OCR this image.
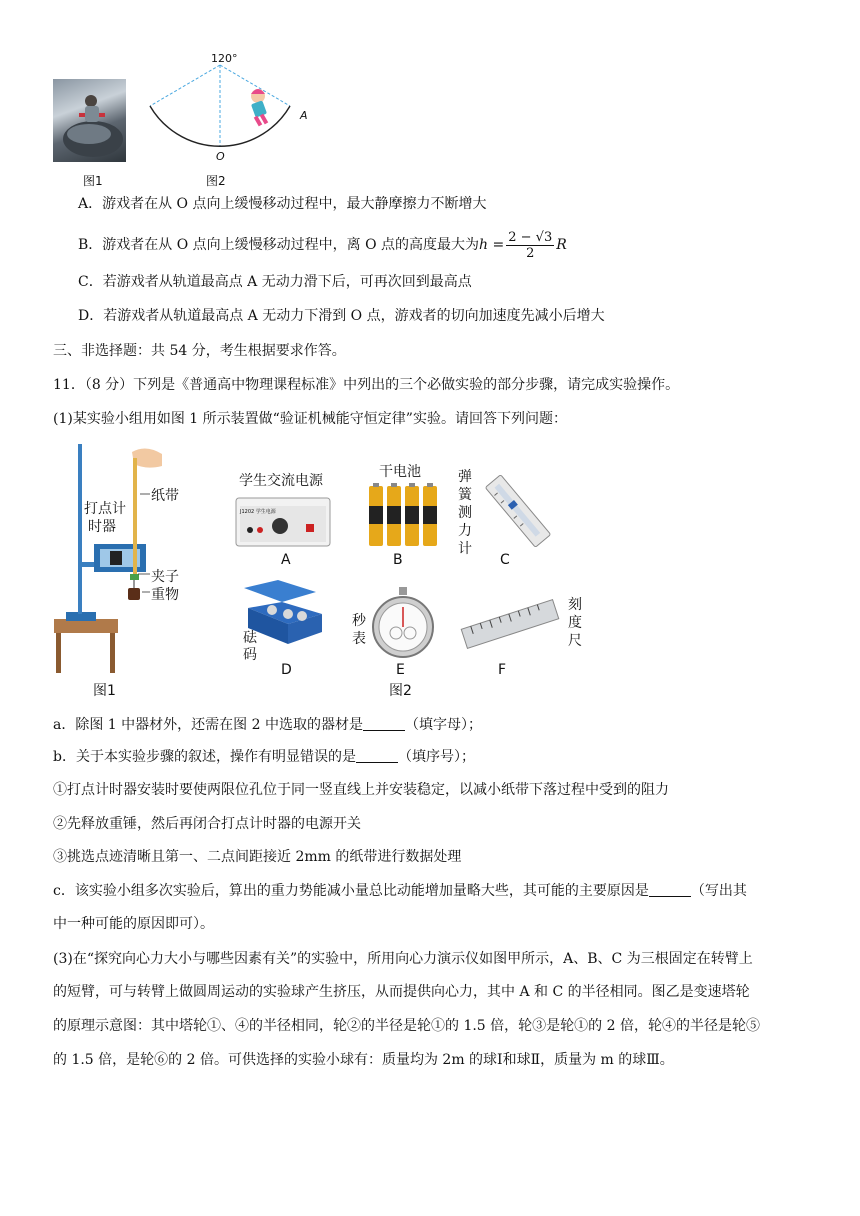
图1
120°
A
O
图2
A．游戏者在从 O 点向上缓慢移动过程中，最大静摩擦力不断增大
B．游戏者在从 O 点向上缓慢移动过程中，离 O 点的高度最大为$h = \frac{2 - √3}{2}$ R
C．若游戏者从轨道最高点 A 无动力滑下后，可再次回到最高点
D．若游戏者从轨道最高点 A 无动力下滑到 O 点，游戏者的切向加速度先减小后增大
三、非选择题：共 54 分，考生根据要求作答。
11．（8 分）下列是《普通高中物理课程标准》中列出的三个必做实验的部分步骤，请完成实验操作。
(1)某实验小组用如图 1 所示装置做“验证机械能守恒定律”实验。请回答下列问题：
纸带
打点计
时器
夹子
重物
图1
学生交流电源
J1202 学生电源
A
干电池
B
弹簧测力计
C
砝码
D
秒表
E
刻度尺
F
图2
a．除图 1 中器材外，还需在图 2 中选取的器材是	（填字母）；
b．关于本实验步骤的叙述，操作有明显错误的是	（填序号）；
①打点计时器安装时要使两限位孔位于同一竖直线上并安装稳定，以减小纸带下落过程中受到的阻力
②先释放重锤，然后再闭合打点计时器的电源开关
③挑选点迹清晰且第一、二点间距接近 2mm 的纸带进行数据处理
c．该实验小组多次实验后，算出的重力势能减小量总比动能增加量略大些，其可能的主要原因是	（写出其
中一种可能的原因即可）。
(3)在“探究向心力大小与哪些因素有关”的实验中，所用向心力演示仪如图甲所示，A、B、C 为三根固定在转臂上
的短臂，可与转臂上做圆周运动的实验球产生挤压，从而提供向心力，其中 A 和 C 的半径相同。图乙是变速塔轮
的原理示意图：其中塔轮①、④的半径相同，轮②的半径是轮①的 1.5 倍，轮③是轮①的 2 倍，轮④的半径是轮⑤
的 1.5 倍，是轮⑥的 2 倍。可供选择的实验小球有：质量均为 2m 的球Ⅰ和球Ⅱ，质量为 m 的球Ⅲ。
